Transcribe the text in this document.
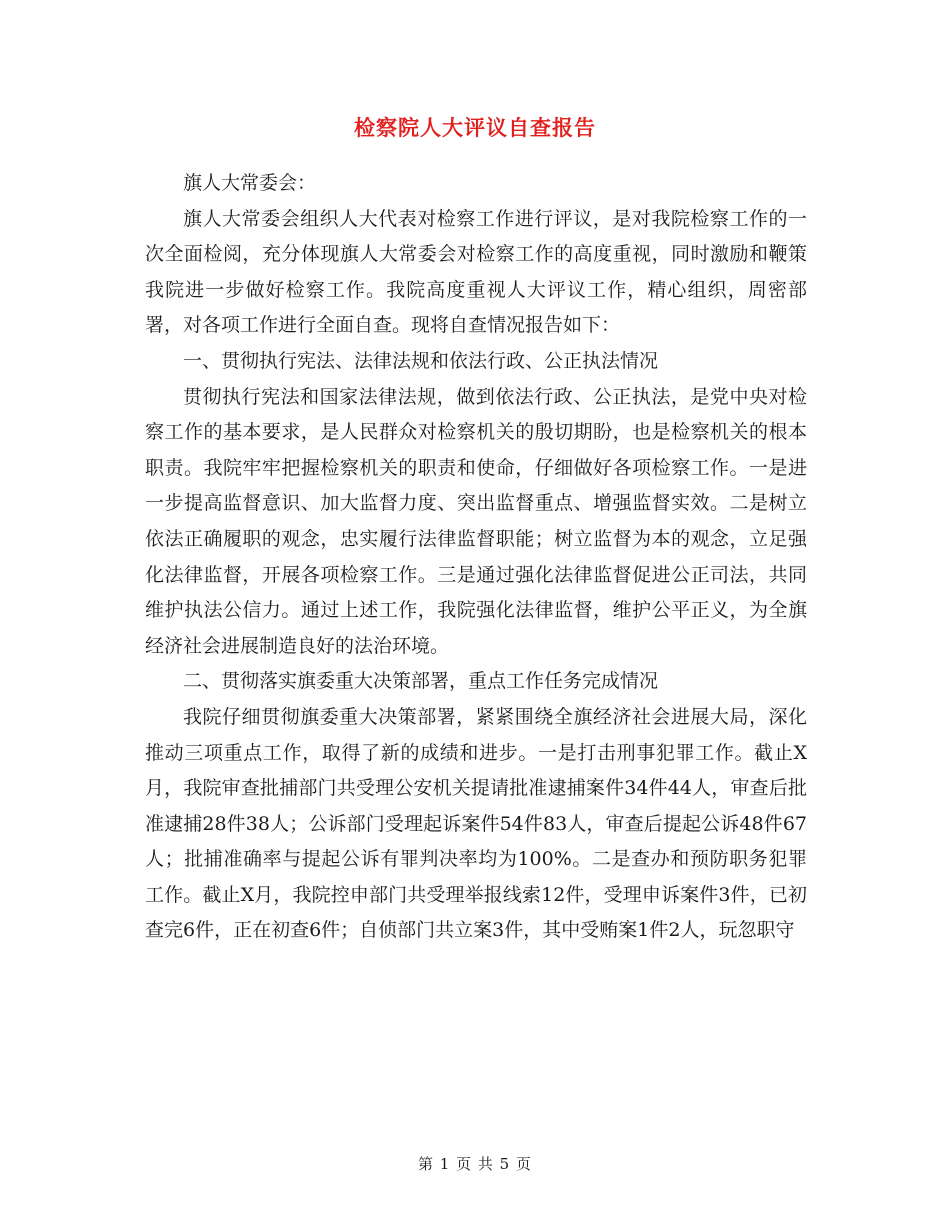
检察院人大评议自查报告

旗人大常委会：

旗人大常委会组织人大代表对检察工作进行评议，是对我院检察工作的一次全面检阅，充分体现旗人大常委会对检察工作的高度重视，同时激励和鞭策我院进一步做好检察工作。我院高度重视人大评议工作，精心组织，周密部署，对各项工作进行全面自查。现将自查情况报告如下：

一、贯彻执行宪法、法律法规和依法行政、公正执法情况

贯彻执行宪法和国家法律法规，做到依法行政、公正执法，是党中央对检察工作的基本要求，是人民群众对检察机关的殷切期盼，也是检察机关的根本职责。我院牢牢把握检察机关的职责和使命，仔细做好各项检察工作。一是进一步提高监督意识、加大监督力度、突出监督重点、增强监督实效。二是树立依法正确履职的观念，忠实履行法律监督职能；树立监督为本的观念，立足强化法律监督，开展各项检察工作。三是通过强化法律监督促进公正司法，共同维护执法公信力。通过上述工作，我院强化法律监督，维护公平正义，为全旗经济社会进展制造良好的法治环境。

二、贯彻落实旗委重大决策部署，重点工作任务完成情况

我院仔细贯彻旗委重大决策部署，紧紧围绕全旗经济社会进展大局，深化推动三项重点工作，取得了新的成绩和进步。一是打击刑事犯罪工作。截止X月，我院审查批捕部门共受理公安机关提请批准逮捕案件34件44人，审查后批准逮捕28件38人；公诉部门受理起诉案件54件83人，审查后提起公诉48件67人；批捕准确率与提起公诉有罪判决率均为100%。二是查办和预防职务犯罪工作。截止X月，我院控申部门共受理举报线索12件，受理申诉案件3件，已初查完6件，正在初查6件；自侦部门共立案3件，其中受贿案1件2人，玩忽职守

第 1 页 共 5 页
